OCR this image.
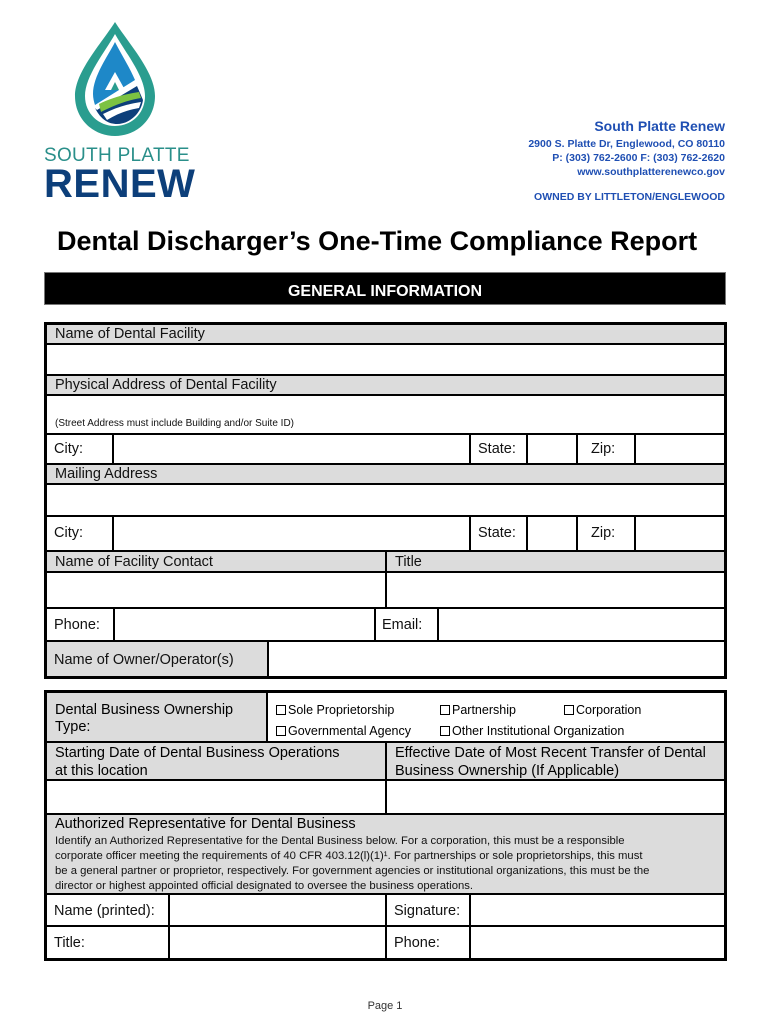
SOUTH PLATTE
RENEW
South Platte Renew
2900 S. Platte Dr, Englewood, CO 80110
P: (303) 762-2600 F: (303) 762-2620
www.southplatterenewco.gov
OWNED BY LITTLETON/ENGLEWOOD
Dental Discharger’s One-Time Compliance Report
GENERAL INFORMATION
Name of Dental Facility
Physical Address of Dental Facility
(Street Address must include Building and/or Suite ID)
City:	State:	Zip:
Mailing Address
City:	State:	Zip:
Name of Facility Contact	Title
Phone:	Email:
Name of Owner/Operator(s)
Dental Business Ownership
Type:
Sole Proprietorship	Partnership	Corporation
Governmental Agency	Other Institutional Organization
Starting Date of Dental Business Operations
at this location
Effective Date of Most Recent Transfer of Dental
Business Ownership (If Applicable)
Authorized Representative for Dental Business
Identify an Authorized Representative for the Dental Business below. For a corporation, this must be a responsible
corporate officer meeting the requirements of 40 CFR 403.12(l)(1)¹. For partnerships or sole proprietorships, this must
be a general partner or proprietor, respectively. For government agencies or institutional organizations, this must be the
director or highest appointed official designated to oversee the business operations.
Name (printed):	Signature:
Title:	Phone:
Page 1
